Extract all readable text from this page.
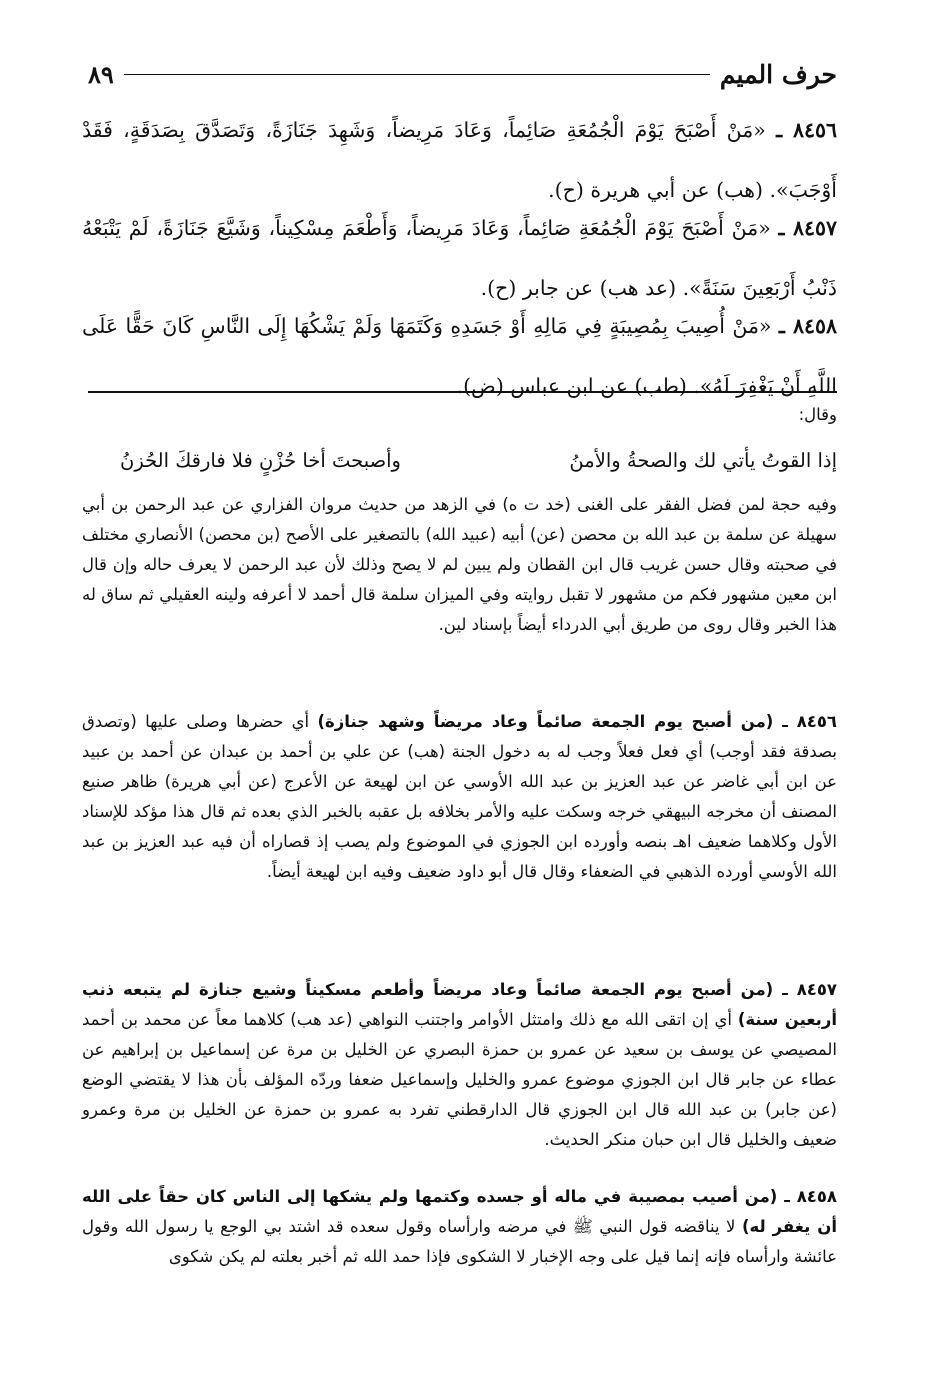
حرف الميم
٨٩
٨٤٥٦ ـ «مَنْ أَصْبَحَ يَوْمَ الْجُمُعَةِ صَائِماً، وَعَادَ مَرِيضاً، وَشَهِدَ جَنَازَةً، وَتَصَدَّقَ بِصَدَقَةٍ، فَقَدْ أَوْجَبَ». (هب) عن أبي هريرة (ح).
٨٤٥٧ ـ «مَنْ أَصْبَحَ يَوْمَ الْجُمُعَةِ صَائِماً، وَعَادَ مَرِيضاً، وَأَطْعَمَ مِسْكِيناً، وَشَيَّعَ جَنَازَةً، لَمْ يَتْبَعْهُ ذَنْبُ أَرْبَعِينَ سَنَةً». (عد هب) عن جابر (ح).
٨٤٥٨ ـ «مَنْ أُصِيبَ بِمُصِيبَةٍ فِي مَالِهِ أَوْ جَسَدِهِ وَكَتَمَهَا وَلَمْ يَشْكُهَا إِلَى النَّاسِ كَانَ حَقًّا عَلَى اللَّهِ أَنْ يَغْفِرَ لَهُ». (طب) عن ابن عباس (ض).
وقال:
إذا القوتُ يأتي لك والصحةُ والأمنُ
وأصبحتَ أخا حُزْنٍ فلا فارقكَ الحُزنُ
وفيه حجة لمن فضل الفقر على الغنى (خد ت ه) في الزهد من حديث مروان الفزاري عن عبد الرحمن بن أبي سهيلة عن سلمة بن عبد الله بن محصن (عن) أبيه (عبيد الله) بالتصغير على الأصح (بن محصن) الأنصاري مختلف في صحبته وقال حسن غريب قال ابن القطان ولم يبين لم لا يصح وذلك لأن عبد الرحمن لا يعرف حاله وإن قال ابن معين مشهور فكم من مشهور لا تقبل روايته وفي الميزان سلمة قال أحمد لا أعرفه ولينه العقيلي ثم ساق له هذا الخبر وقال روى من طريق أبي الدرداء أيضاً بإسناد لين.
٨٤٥٦ ـ (من أصبح يوم الجمعة صائماً وعاد مريضاً وشهد جنازة) أي حضرها وصلى عليها (وتصدق بصدقة فقد أوجب) أي فعل فعلاً وجب له به دخول الجنة (هب) عن علي بن أحمد بن عبدان عن أحمد بن عبيد عن ابن أبي غاضر عن عبد العزيز بن عبد الله الأوسي عن ابن لهيعة عن الأعرج (عن أبي هريرة) ظاهر صنيع المصنف أن مخرجه البيهقي خرجه وسكت عليه والأمر بخلافه بل عقبه بالخبر الذي بعده ثم قال هذا مؤكد للإسناد الأول وكلاهما ضعيف اهـ بنصه وأورده ابن الجوزي في الموضوع ولم يصب إذ قصاراه أن فيه عبد العزيز بن عبد الله الأوسي أورده الذهبي في الضعفاء وقال قال أبو داود ضعيف وفيه ابن لهيعة أيضاً.
٨٤٥٧ ـ (من أصبح يوم الجمعة صائماً وعاد مريضاً وأطعم مسكيناً وشيع جنازة لم يتبعه ذنب أربعين سنة) أي إن اتقى الله مع ذلك وامتثل الأوامر واجتنب النواهي (عد هب) كلاهما معاً عن محمد بن أحمد المصيصي عن يوسف بن سعيد عن عمرو بن حمزة البصري عن الخليل بن مرة عن إسماعيل بن إبراهيم عن عطاء عن جابر قال ابن الجوزي موضوع عمرو والخليل وإسماعيل ضعفا وردّه المؤلف بأن هذا لا يقتضي الوضع (عن جابر) بن عبد الله قال ابن الجوزي قال الدارقطني تفرد به عمرو بن حمزة عن الخليل بن مرة وعمرو ضعيف والخليل قال ابن حبان منكر الحديث.
٨٤٥٨ ـ (من أصيب بمصيبة في ماله أو جسده وكتمها ولم يشكها إلى الناس كان حقاً على الله أن يغفر له) لا يناقضه قول النبي ﷺ في مرضه وارأساه وقول سعده قد اشتد بي الوجع يا رسول الله وقول عائشة وارأساه فإنه إنما قيل على وجه الإخبار لا الشكوى فإذا حمد الله ثم أخبر بعلته لم يكن شكوى
